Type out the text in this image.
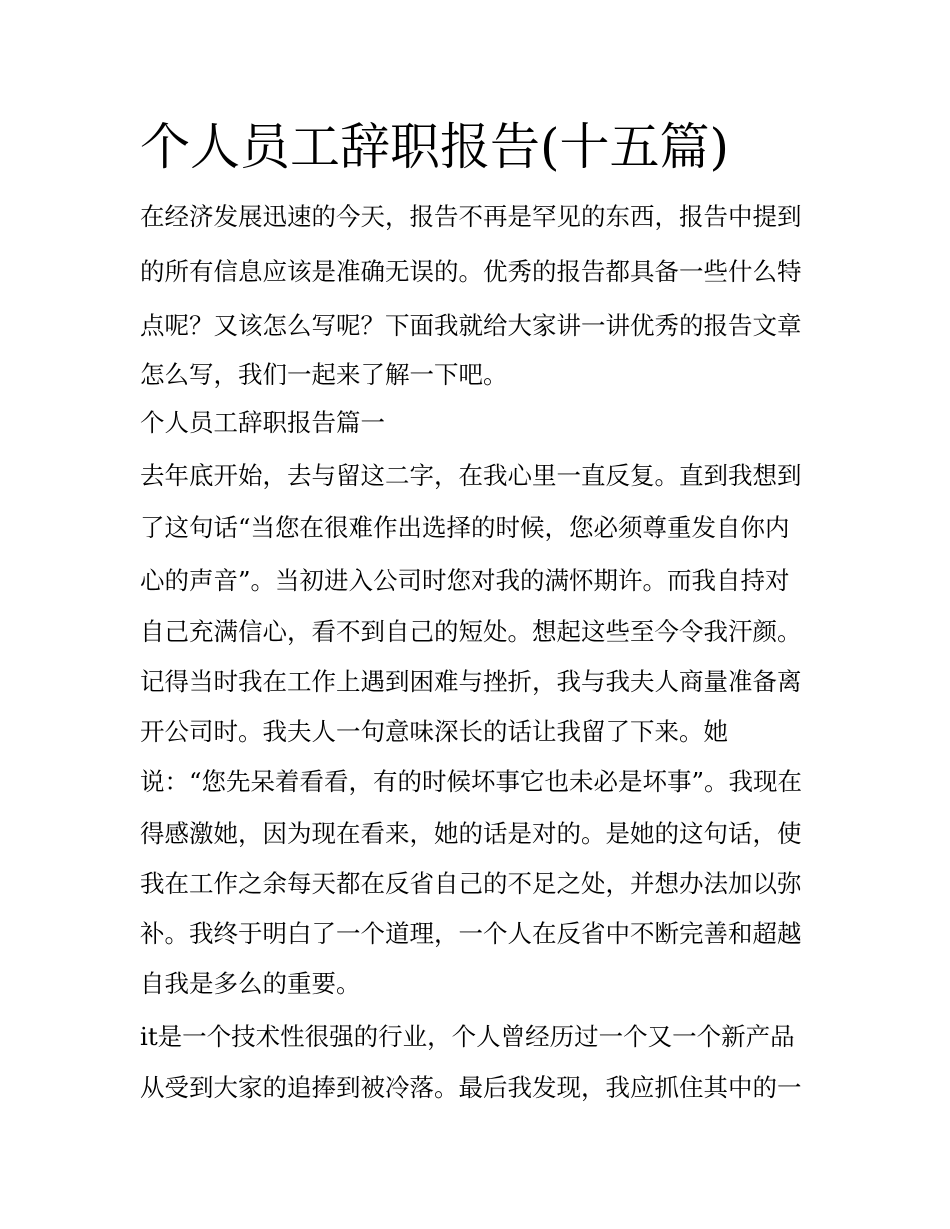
个人员工辞职报告(十五篇)
在经济发展迅速的今天，报告不再是罕见的东西，报告中提到
的所有信息应该是准确无误的。优秀的报告都具备一些什么特
点呢？又该怎么写呢？下面我就给大家讲一讲优秀的报告文章
怎么写，我们一起来了解一下吧。
个人员工辞职报告篇一
去年底开始，去与留这二字，在我心里一直反复。直到我想到
了这句话“当您在很难作出选择的时候，您必须尊重发自你内
心的声音”。当初进入公司时您对我的满怀期许。而我自持对
自己充满信心，看不到自己的短处。想起这些至今令我汗颜。
记得当时我在工作上遇到困难与挫折，我与我夫人商量准备离
开公司时。我夫人一句意味深长的话让我留了下来。她
说：“您先呆着看看，有的时候坏事它也未必是坏事”。我现在
得感激她，因为现在看来，她的话是对的。是她的这句话，使
我在工作之余每天都在反省自己的不足之处，并想办法加以弥
补。我终于明白了一个道理，一个人在反省中不断完善和超越
自我是多么的重要。
it是一个技术性很强的行业，个人曾经历过一个又一个新产品
从受到大家的追捧到被冷落。最后我发现，我应抓住其中的一
